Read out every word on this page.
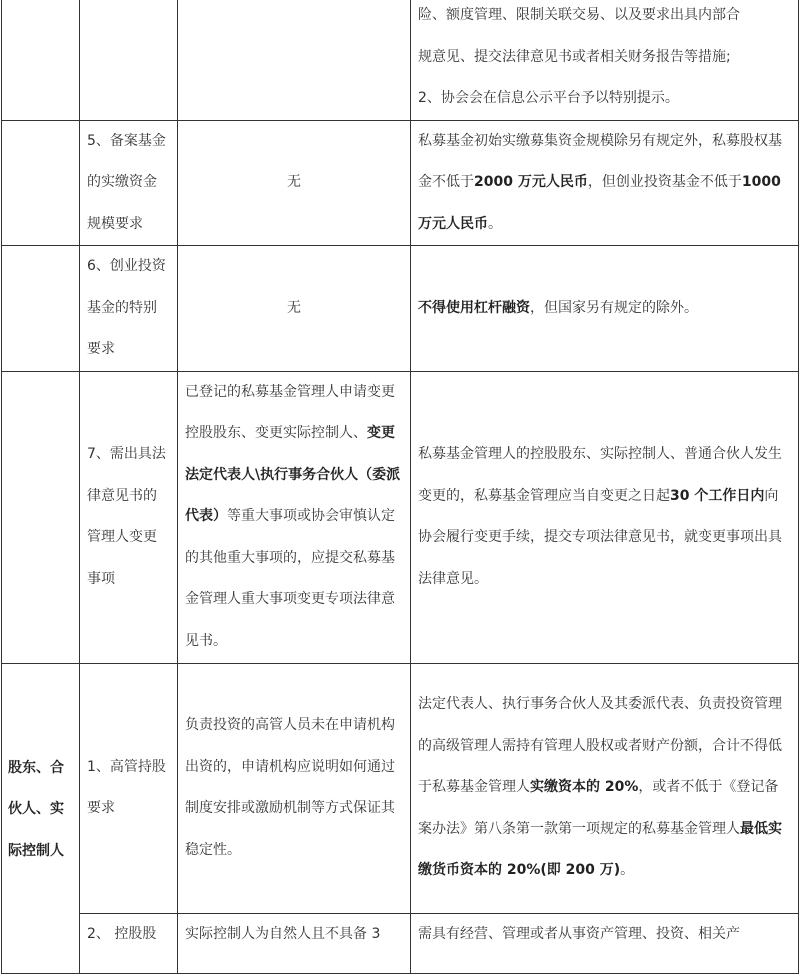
			险、额度管理、限制关联交易、以及要求出具内部合
规意见、提交法律意见书或者相关财务报告等措施;
2、协会会在信息公示平台予以特别提示。

	5、备案基金
的实缴资金
规模要求	无	私募基金初始实缴募集资金规模除另有规定外，私募股权基金不低于2000 万元人民币，但创业投资基金不低于1000 万元人民币。

	6、创业投资
基金的特别
要求	无	不得使用杠杆融资，但国家另有规定的除外。

	7、需出具法
律意见书的
管理人变更
事项	已登记的私募基金管理人申请变更控股股东、变更实际控制人、变更法定代表人\执行事务合伙人（委派代表）等重大事项或协会审慎认定的其他重大事项的，应提交私募基金管理人重大事项变更专项法律意见书。	私募基金管理人的控股股东、实际控制人、普通合伙人发生变更的，私募基金管理应当自变更之日起30 个工作日内向协会履行变更手续，提交专项法律意见书，就变更事项出具法律意见。

股东、合
伙人、实
际控制人	1、高管持股
要求	负责投资的高管人员未在申请机构出资的，申请机构应说明如何通过制度安排或激励机制等方式保证其稳定性。	法定代表人、执行事务合伙人及其委派代表、负责投资管理的高级管理人需持有管理人股权或者财产份额，合计不得低于私募基金管理人实缴资本的 20%，或者不低于《登记备案办法》第八条第一款第一项规定的私募基金管理人最低实缴货币资本的 20%(即 200 万)。
	2、 控股股	实际控制人为自然人且不具备 3	需具有经营、管理或者从事资产管理、投资、相关产
